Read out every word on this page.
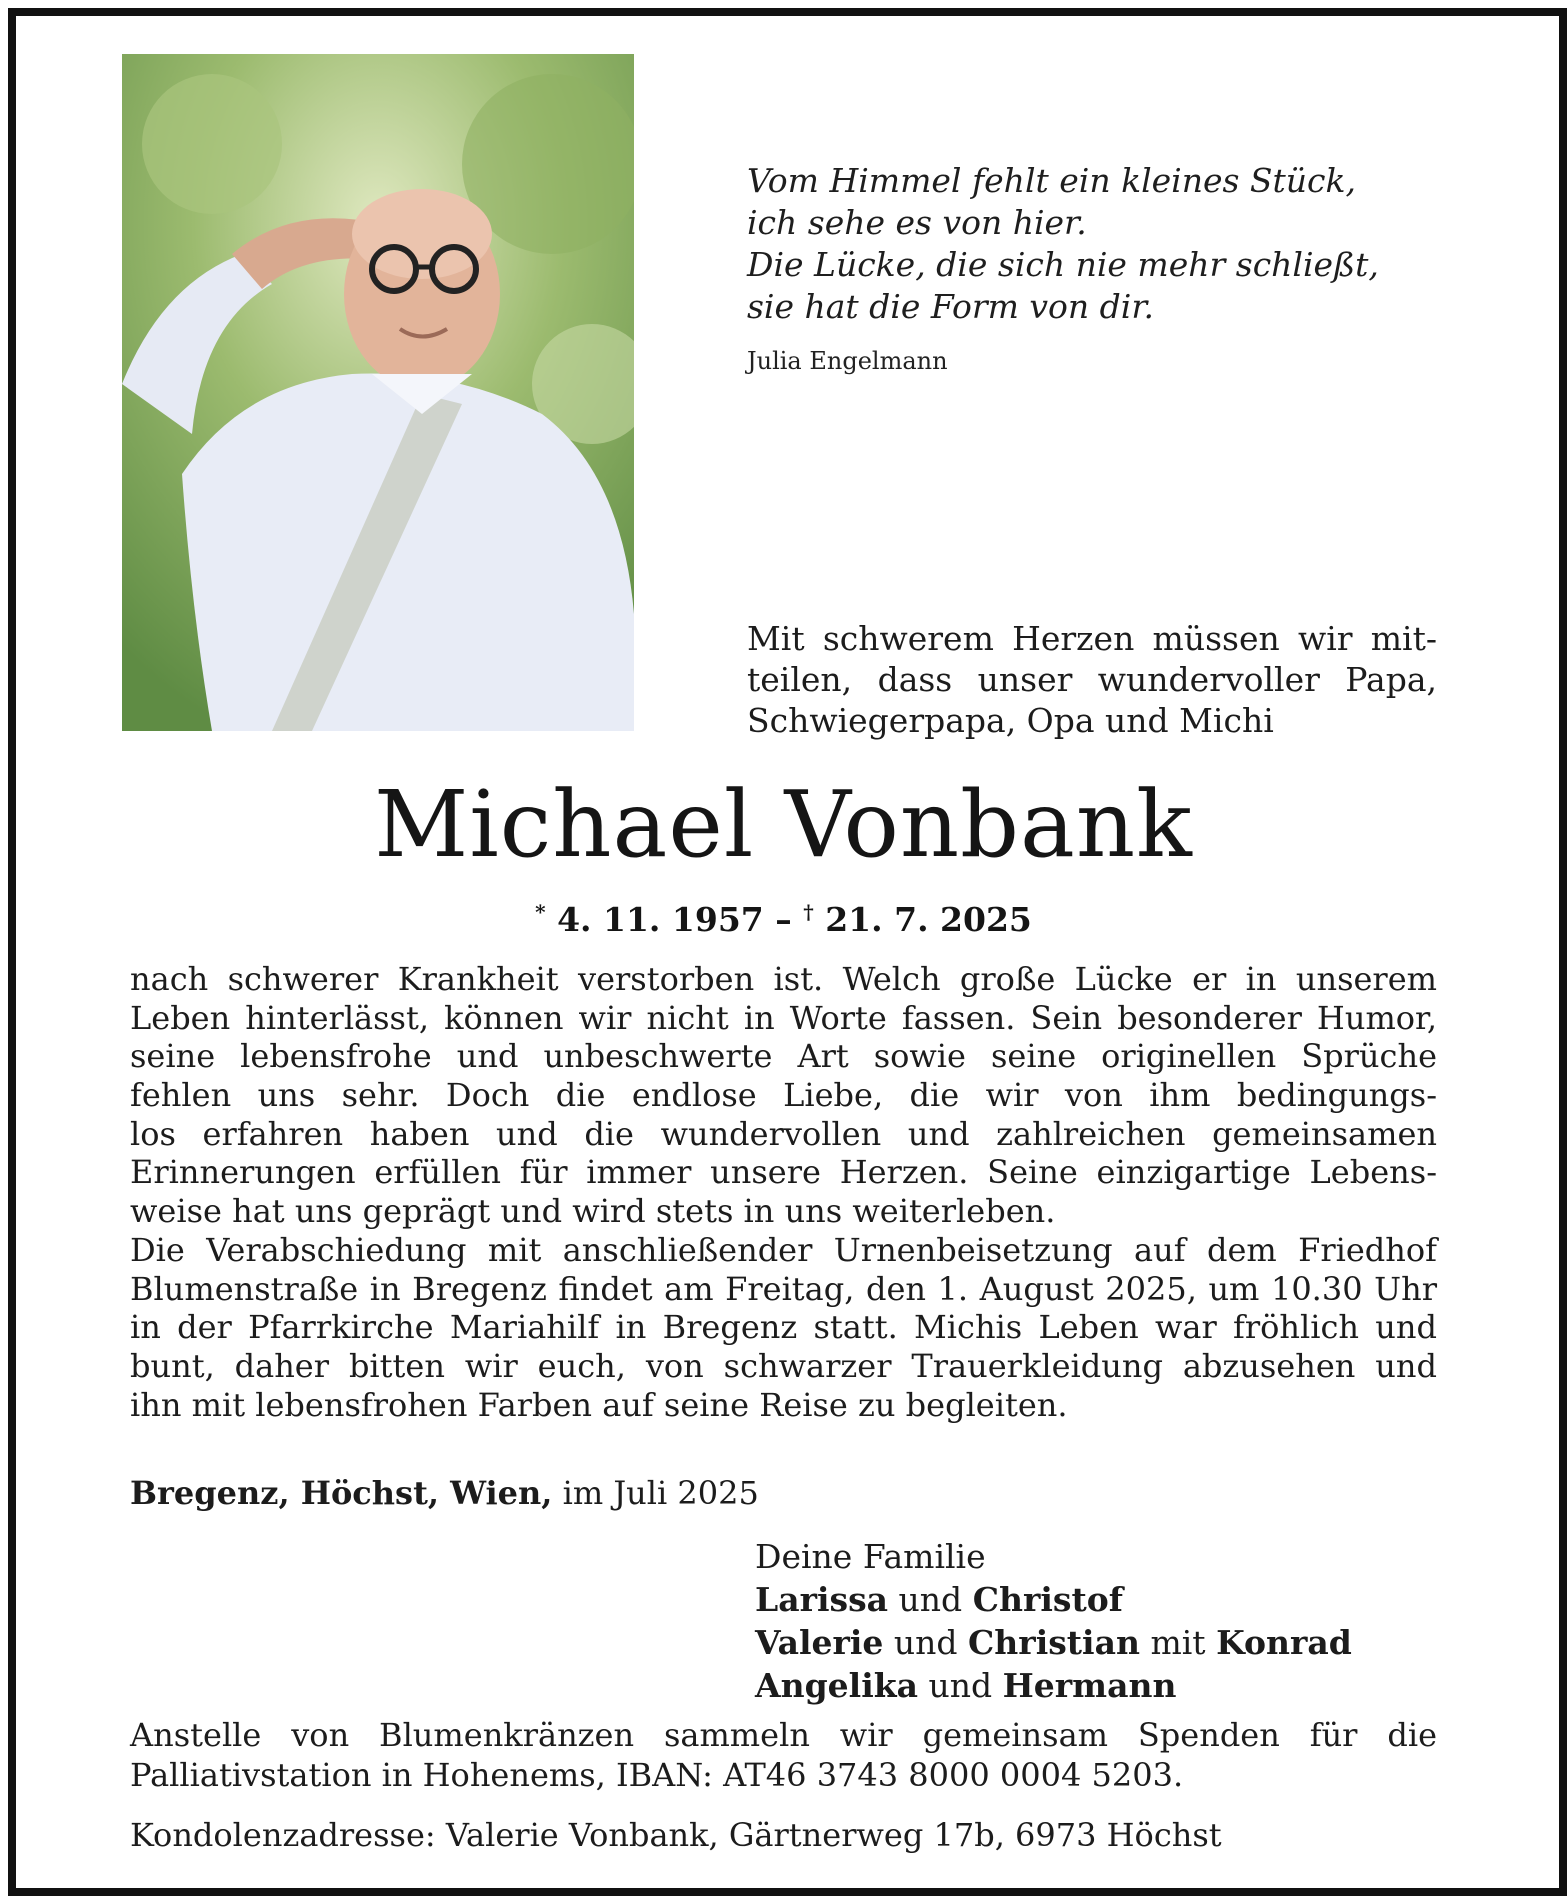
Vom Himmel fehlt ein kleines Stück,
ich sehe es von hier.
Die Lücke, die sich nie mehr schließt,
sie hat die Form von dir.
Julia Engelmann
Mit schwerem Herzen müssen wir mit-
teilen, dass unser wundervoller Papa,
Schwiegerpapa, Opa und Michi
Michael Vonbank
* 4. 11. 1957 – † 21. 7. 2025
nach schwerer Krankheit verstorben ist. Welch große Lücke er in unserem
Leben hinterlässt, können wir nicht in Worte fassen. Sein besonderer Humor,
seine lebensfrohe und unbeschwerte Art sowie seine originellen Sprüche
fehlen uns sehr. Doch die endlose Liebe, die wir von ihm bedingungs-
los erfahren haben und die wundervollen und zahlreichen gemeinsamen
Erinnerungen erfüllen für immer unsere Herzen. Seine einzigartige Lebens-
weise hat uns geprägt und wird stets in uns weiterleben.
Die Verabschiedung mit anschließender Urnenbeisetzung auf dem Friedhof
Blumenstraße in Bregenz findet am Freitag, den 1. August 2025, um 10.30 Uhr
in der Pfarrkirche Mariahilf in Bregenz statt. Michis Leben war fröhlich und
bunt, daher bitten wir euch, von schwarzer Trauerkleidung abzusehen und
ihn mit lebensfrohen Farben auf seine Reise zu begleiten.
Bregenz, Höchst, Wien, im Juli 2025
Deine Familie
Larissa und Christof
Valerie und Christian mit Konrad
Angelika und Hermann
Anstelle von Blumenkränzen sammeln wir gemeinsam Spenden für die
Palliativstation in Hohenems, IBAN: AT46 3743 8000 0004 5203.
Kondolenzadresse: Valerie Vonbank, Gärtnerweg 17b, 6973 Höchst
